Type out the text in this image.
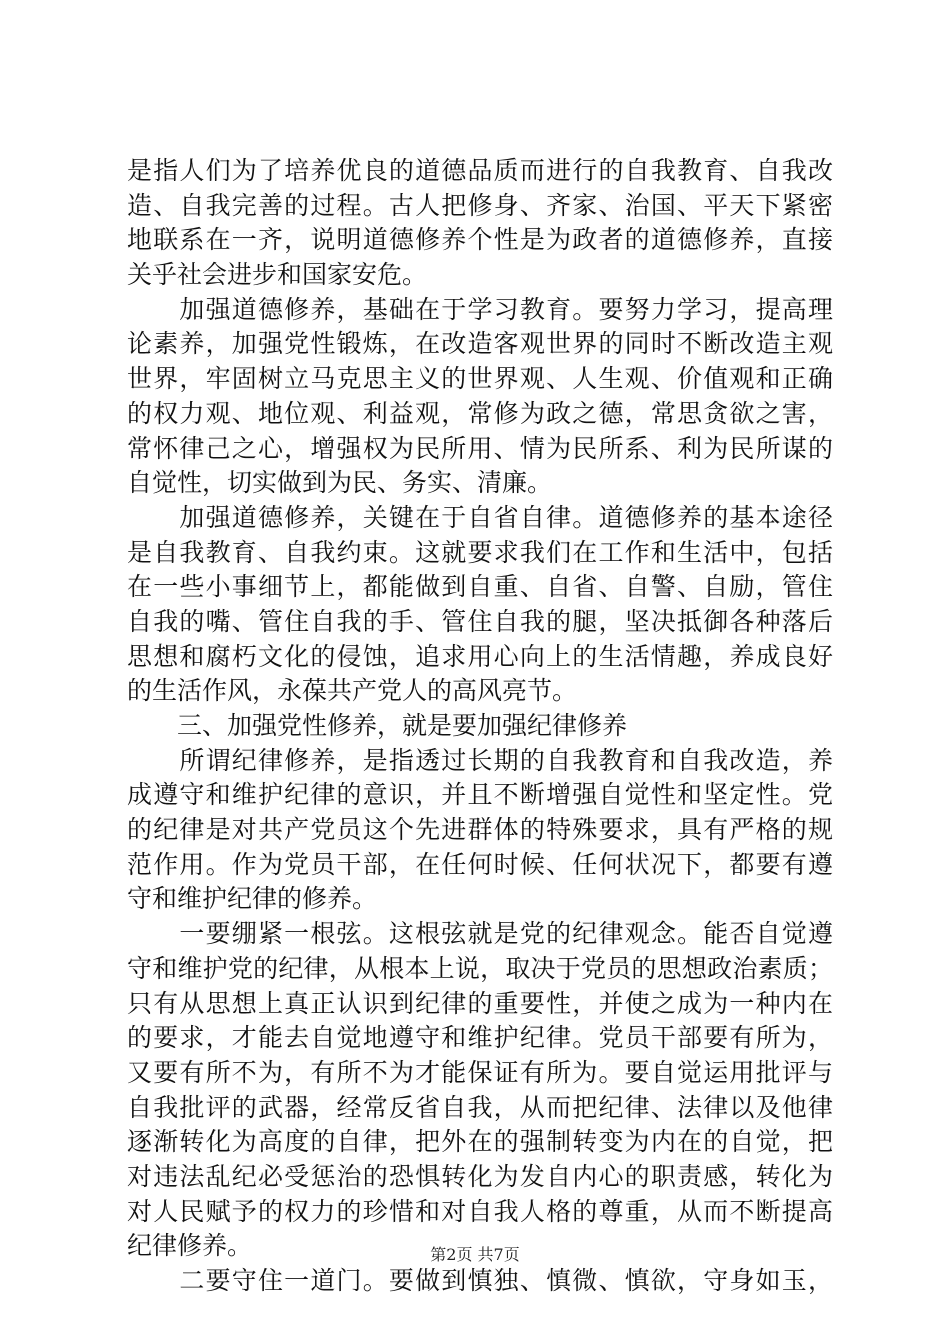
是指人们为了培养优良的道德品质而进行的自我教育、自我改
造、自我完善的过程。古人把修身、齐家、治国、平天下紧密
地联系在一齐，说明道德修养个性是为政者的道德修养，直接
关乎社会进步和国家安危。
　　加强道德修养，基础在于学习教育。要努力学习，提高理
论素养，加强党性锻炼，在改造客观世界的同时不断改造主观
世界，牢固树立马克思主义的世界观、人生观、价值观和正确
的权力观、地位观、利益观，常修为政之德，常思贪欲之害，
常怀律己之心，增强权为民所用、情为民所系、利为民所谋的
自觉性，切实做到为民、务实、清廉。
　　加强道德修养，关键在于自省自律。道德修养的基本途径
是自我教育、自我约束。这就要求我们在工作和生活中，包括
在一些小事细节上，都能做到自重、自省、自警、自励，管住
自我的嘴、管住自我的手、管住自我的腿，坚决抵御各种落后
思想和腐朽文化的侵蚀，追求用心向上的生活情趣，养成良好
的生活作风，永葆共产党人的高风亮节。
　　三、加强党性修养，就是要加强纪律修养
　　所谓纪律修养，是指透过长期的自我教育和自我改造，养
成遵守和维护纪律的意识，并且不断增强自觉性和坚定性。党
的纪律是对共产党员这个先进群体的特殊要求，具有严格的规
范作用。作为党员干部，在任何时候、任何状况下，都要有遵
守和维护纪律的修养。
　　一要绷紧一根弦。这根弦就是党的纪律观念。能否自觉遵
守和维护党的纪律，从根本上说，取决于党员的思想政治素质；
只有从思想上真正认识到纪律的重要性，并使之成为一种内在
的要求，才能去自觉地遵守和维护纪律。党员干部要有所为，
又要有所不为，有所不为才能保证有所为。要自觉运用批评与
自我批评的武器，经常反省自我，从而把纪律、法律以及他律
逐渐转化为高度的自律，把外在的强制转变为内在的自觉，把
对违法乱纪必受惩治的恐惧转化为发自内心的职责感，转化为
对人民赋予的权力的珍惜和对自我人格的尊重，从而不断提高
纪律修养。
　　二要守住一道门。要做到慎独、慎微、慎欲，守身如玉，
第2页 共7页
